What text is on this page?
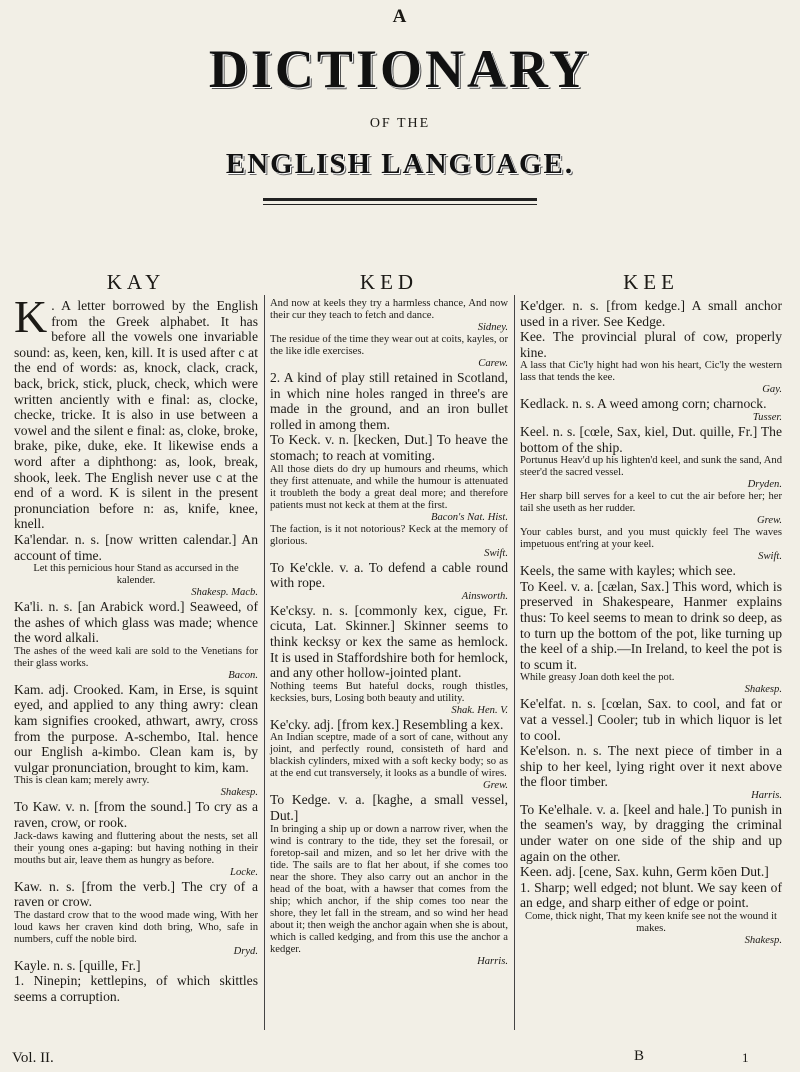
A
DICTIONARY
OF THE
ENGLISH LANGUAGE.
KAY

K . A letter borrowed by the English from the Greek alphabet. It has before all the vowels one invariable sound: as, keen, ken, kill. It is used after c at the end of words: as, knock, clack, crack, back, brick, stick, pluck, check, which were written anciently with e final: as, clocke, checke, tricke. It is also in use between a vowel and the silent e final: as, cloke, broke, brake, pike, duke, eke. It likewise ends a word after a diphthong: as, look, break, shook, leek. The English never use c at the end of a word. K is silent in the present pronunciation before n: as, knife, knee, knell.

Ka'lendar. n. s. [now written calendar.] An account of time.

Let this pernicious hour Stand as accursed in the kalender.

Shakesp. Macb.

Ka'li. n. s. [an Arabick word.] Seaweed, of the ashes of which glass was made; whence the word alkali.

The ashes of the weed kali are sold to the Venetians for their glass works.

Bacon.

Kam. adj. Crooked. Kam, in Erse, is squint eyed, and applied to any thing awry: clean kam signifies crooked, athwart, awry, cross from the purpose. A-schembo, Ital. hence our English a-kimbo. Clean kam is, by vulgar pronunciation, brought to kim, kam.

This is clean kam; merely awry.

Shakesp.

To Kaw. v. n. [from the sound.] To cry as a raven, crow, or rook.

Jack-daws kawing and fluttering about the nests, set all their young ones a-gaping: but having nothing in their mouths but air, leave them as hungry as before.

Locke.

Kaw. n. s. [from the verb.] The cry of a raven or crow.

The dastard crow that to the wood made wing, With her loud kaws her craven kind doth bring, Who, safe in numbers, cuff the noble bird.

Dryd.

Kayle. n. s. [quille, Fr.]

1. Ninepin; kettlepins, of which skittles seems a corruption.

KED

And now at keels they try a harmless chance, And now their cur they teach to fetch and dance.

Sidney.

The residue of the time they wear out at coits, kayles, or the like idle exercises.

Carew.

2. A kind of play still retained in Scotland, in which nine holes ranged in three's are made in the ground, and an iron bullet rolled in among them.

To Keck. v. n. [kecken, Dut.] To heave the stomach; to reach at vomiting.

All those diets do dry up humours and rheums, which they first attenuate, and while the humour is attenuated it troubleth the body a great deal more; and therefore patients must not keck at them at the first.

Bacon's Nat. Hist.

The faction, is it not notorious? Keck at the memory of glorious.

Swift.

To Ke'ckle. v. a. To defend a cable round with rope.

Ainsworth.

Ke'cksy. n. s. [commonly kex, cigue, Fr. cicuta, Lat. Skinner.] Skinner seems to think kecksy or kex the same as hemlock. It is used in Staffordshire both for hemlock, and any other hollow-jointed plant.

Nothing teems But hateful docks, rough thistles, kecksies, burs, Losing both beauty and utility.

Shak. Hen. V.

Ke'cky. adj. [from kex.] Resembling a kex.

An Indian sceptre, made of a sort of cane, without any joint, and perfectly round, consisteth of hard and blackish cylinders, mixed with a soft kecky body; so as at the end cut transversely, it looks as a bundle of wires.

Grew.

To Kedge. v. a. [kaghe, a small vessel, Dut.]

In bringing a ship up or down a narrow river, when the wind is contrary to the tide, they set the foresail, or foretop-sail and mizen, and so let her drive with the tide. The sails are to flat her about, if she comes too near the shore. They also carry out an anchor in the head of the boat, with a hawser that comes from the ship; which anchor, if the ship comes too near the shore, they let fall in the stream, and so wind her head about it; then weigh the anchor again when she is about, which is called kedging, and from this use the anchor a kedger.

Harris.
KEE

Ke'dger. n. s. [from kedge.] A small anchor used in a river. See Kedge.

Kee. The provincial plural of cow, properly kine.

A lass that Cic'ly hight had won his heart, Cic'ly the western lass that tends the kee.

Gay.

Kedlack. n. s. A weed among corn; charnock.

Tusser.

Keel. n. s. [cœle, Sax, kiel, Dut. quille, Fr.] The bottom of the ship.

Portunus Heav'd up his lighten'd keel, and sunk the sand, And steer'd the sacred vessel.

Dryden.

Her sharp bill serves for a keel to cut the air before her; her tail she useth as her rudder.

Grew.

Your cables burst, and you must quickly feel The waves impetuous ent'ring at your keel.

Swift.

Keels, the same with kayles; which see.

To Keel. v. a. [cælan, Sax.] This word, which is preserved in Shakespeare, Hanmer explains thus: To keel seems to mean to drink so deep, as to turn up the bottom of the pot, like turning up the keel of a ship.—In Ireland, to keel the pot is to scum it.

While greasy Joan doth keel the pot.

Shakesp.

Ke'elfat. n. s. [cœlan, Sax. to cool, and fat or vat a vessel.] Cooler; tub in which liquor is let to cool.

Ke'elson. n. s. The next piece of timber in a ship to her keel, lying right over it next above the floor timber.

Harris.

To Ke'elhale. v. a. [keel and hale.] To punish in the seamen's way, by dragging the criminal under water on one side of the ship and up again on the other.

Keen. adj. [cene, Sax. kuhn, Germ kōen Dut.]

1. Sharp; well edged; not blunt. We say keen of an edge, and sharp either of edge or point.

Come, thick night, That my keen knife see not the wound it makes.

Shakesp.
Vol. II.	B	1
